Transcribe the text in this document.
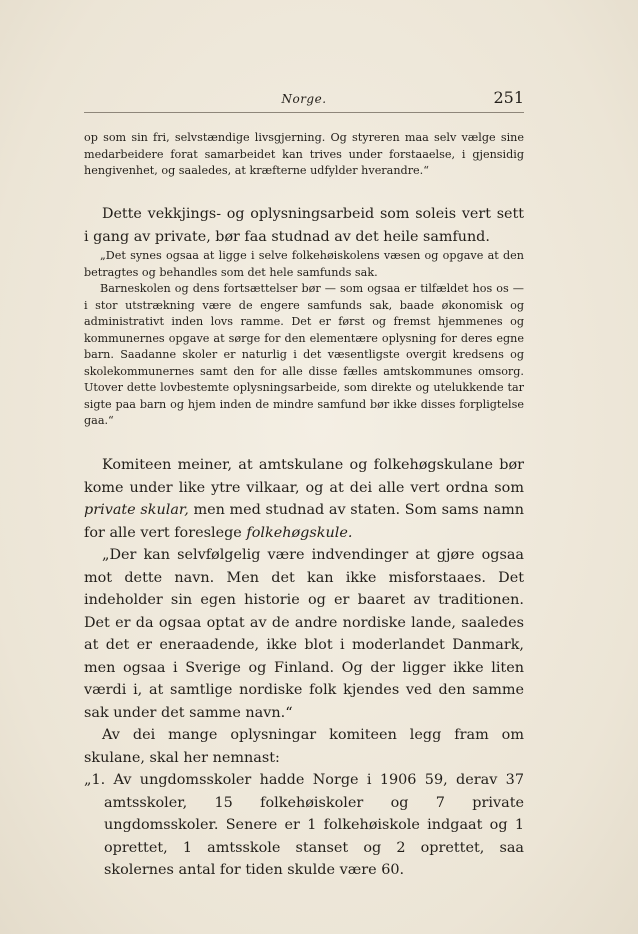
Norge.	251

op som sin fri, selvstændige livsgjerning. Og styreren maa selv vælge sine medarbeidere forat samarbeidet kan trives under forstaaelse, i gjensidig hengivenhet, og saaledes, at kræfterne udfylder hverandre.“

Dette vekkjings- og oplysningsarbeid som soleis vert sett i gang av private, bør faa studnad av det heile samfund.

„Det synes ogsaa at ligge i selve folkehøiskolens væsen og opgave at den betragtes og behandles som det hele samfunds sak.

Barneskolen og dens fortsættelser bør — som ogsaa er tilfældet hos os — i stor utstrækning være de engere samfunds sak, baade økonomisk og administrativt inden lovs ramme. Det er først og fremst hjemmenes og kommunernes opgave at sørge for den elementære oplysning for deres egne barn. Saadanne skoler er naturlig i det væsentligste overgit kredsens og skolekommunernes samt den for alle disse fælles amtskommunes omsorg. Utover dette lovbestemte oplysningsarbeide, som direkte og utelukkende tar sigte paa barn og hjem inden de mindre samfund bør ikke disses forpligtelse gaa.“

Komiteen meiner, at amtskulane og folkehøgskulane bør kome under like ytre vilkaar, og at dei alle vert ordna som private skular, men med studnad av staten. Som sams namn for alle vert foreslege folkehøgskule.

„Der kan selvfølgelig være indvendinger at gjøre ogsaa mot dette navn. Men det kan ikke misforstaaes. Det indeholder sin egen historie og er baaret av traditionen. Det er da ogsaa optat av de andre nordiske lande, saaledes at det er eneraadende, ikke blot i moderlandet Danmark, men ogsaa i Sverige og Finland. Og der ligger ikke liten værdi i, at samtlige nordiske folk kjendes ved den samme sak under det samme navn.“

Av dei mange oplysningar komiteen legg fram om skulane, skal her nemnast:

„1. Av ungdomsskoler hadde Norge i 1906 59, derav 37 amtsskoler, 15 folkehøiskoler og 7 private ungdomsskoler. Senere er 1 folkehøiskole indgaat og 1 oprettet, 1 amtsskole stanset og 2 oprettet, saa skolernes antal for tiden skulde være 60.
